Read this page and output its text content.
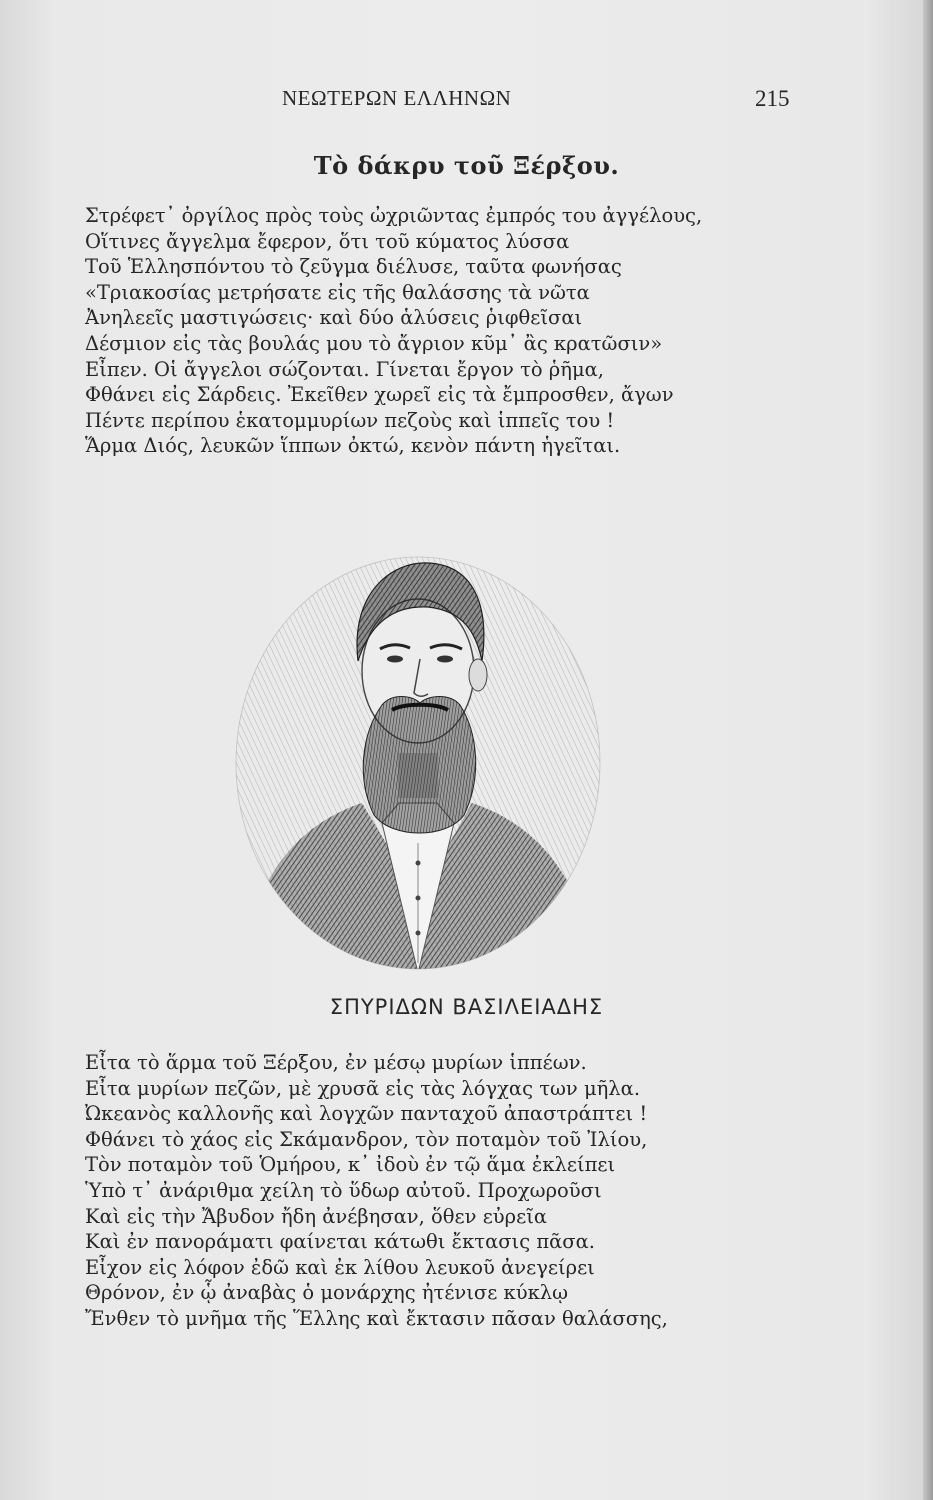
ΝΕΩΤΕΡΩΝ ΕΛΛΗΝΩΝ	215
Τὸ δάκρυ τοῦ Ξέρξου.
Στρέφετ᾽ ὀργίλος πρὸς τοὺς ὠχριῶντας ἐμπρός του ἀγγέλους,
Οἵτινες ἄγγελμα ἔφερον, ὅτι τοῦ κύματος λύσσα
Τοῦ Ἑλλησπόντου τὸ ζεῦγμα διέλυσε, ταῦτα φωνήσας
«Τριακοσίας μετρήσατε εἰς τῆς θαλάσσης τὰ νῶτα
Ἀνηλεεῖς μαστιγώσεις· καὶ δύο ἁλύσεις ῥιφθεῖσαι
Δέσμιον εἰς τὰς βουλάς μου τὸ ἄγριον κῦμ᾽ ἂς κρατῶσιν»
Εἶπεν. Οἱ ἄγγελοι σώζονται. Γίνεται ἔργον τὸ ῥῆμα,
Φθάνει εἰς Σάρδεις. Ἐκεῖθεν χωρεῖ εἰς τὰ ἔμπροσθεν, ἄγων
Πέντε περίπου ἑκατομμυρίων πεζοὺς καὶ ἱππεῖς του !
Ἅρμα Διός, λευκῶν ἵππων ὀκτώ, κενὸν πάντη ἡγεῖται.
ΣΠΥΡΙΔΩΝ ΒΑΣΙΛΕΙΑΔΗΣ
Εἶτα τὸ ἅρμα τοῦ Ξέρξου, ἐν μέσῳ μυρίων ἱππέων.
Εἶτα μυρίων πεζῶν, μὲ χρυσᾶ εἰς τὰς λόγχας των μῆλα.
Ὠκεανὸς καλλονῆς καὶ λογχῶν πανταχοῦ ἀπαστράπτει !
Φθάνει τὸ χάος εἰς Σκάμανδρον, τὸν ποταμὸν τοῦ Ἰλίου,
Τὸν ποταμὸν τοῦ Ὁμήρου, κ᾽ ἰδοὺ ἐν τῷ ἅμα ἐκλείπει
Ὑπὸ τ᾽ ἀνάριθμα χείλη τὸ ὕδωρ αὐτοῦ. Προχωροῦσι
Καὶ εἰς τὴν Ἄβυδον ἤδη ἀνέβησαν, ὅθεν εὐρεῖα
Καὶ ἐν πανοράματι φαίνεται κάτωθι ἔκτασις πᾶσα.
Εἶχον εἰς λόφον ἐδῶ καὶ ἐκ λίθου λευκοῦ ἀνεγείρει
Θρόνον, ἐν ᾧ ἀναβὰς ὁ μονάρχης ἠτένισε κύκλῳ
Ἔνθεν τὸ μνῆμα τῆς Ἕλλης καὶ ἔκτασιν πᾶσαν θαλάσσης,
